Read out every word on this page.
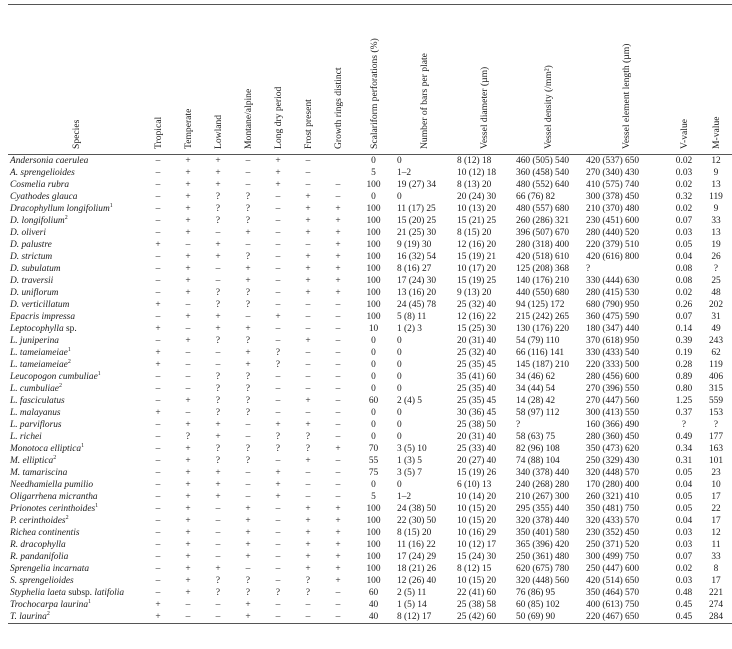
Species	Tropical	Temperate	Lowland	Montane/alpine	Long dry period	Frost present	Growth rings distinct	Scalariform perforations (%)	Number of bars per plate	Vessel diameter (µm)	Vessel density (/mm²)	Vessel element length (µm)	V-value	M-value

Andersonia caerulea	–	+	+	–	+	–		0	0	8 (12) 18	460 (505) 540	420 (537) 650	0.02	12
A. sprengelioides	–	+	+	–	+	–		5	1–2	10 (12) 18	360 (458) 540	270 (340) 430	0.03	9
Cosmelia rubra	–	+	+	–	+	–	–	100	19 (27) 34	8 (13) 20	480 (552) 640	410 (575) 740	0.02	13
Cyathodes glauca	–	+	?	?	–	+	–	0	0	20 (24) 30	66 (76) 82	300 (378) 450	0.32	119
Dracophyllum longifolium$^1$	–	+	?	?	–	+	+	100	11 (17) 25	10 (13) 20	480 (557) 680	210 (370) 480	0.02	9
D. longifolium$^2$	–	+	?	?	–	+	+	100	15 (20) 25	15 (21) 25	260 (286) 321	230 (451) 600	0.07	33
D. oliveri	–	+	–	+	–	+	+	100	21 (25) 30	8 (15) 20	396 (507) 670	280 (440) 520	0.03	13
D. palustre	+	–	+	–	–	–	+	100	9 (19) 30	12 (16) 20	280 (318) 400	220 (379) 510	0.05	19
D. strictum	–	+	+	?	–	+	+	100	16 (32) 54	15 (19) 21	420 (518) 610	420 (616) 800	0.04	26
D. subulatum	–	+	–	+	–	+	+	100	8 (16) 27	10 (17) 20	125 (208) 368	?	0.08	?
D. traversii	–	+	–	+	–	+	+	100	17 (24) 30	15 (19) 25	140 (176) 210	330 (444) 630	0.08	25
D. uniflorum	–	+	?	?	–	+	+	100	13 (16) 20	9 (13) 20	440 (550) 680	280 (415) 530	0.02	48
D. verticillatum	+	–	?	?	–	–	–	100	24 (45) 78	25 (32) 40	94 (125) 172	680 (790) 950	0.26	202
Epacris impressa	–	+	+	–	+	–	–	100	5 (8) 11	12 (16) 22	215 (242) 265	360 (475) 590	0.07	31
Leptocophylla sp.	+	–	+	+	–	–	–	10	1 (2) 3	15 (25) 30	130 (176) 220	180 (347) 440	0.14	49
L. juniperina	–	+	?	?	–	+	–	0	0	20 (31) 40	54 (79) 110	370 (618) 950	0.39	243
L. tameiameiae$^1$	+	–	–	+	?	–	–	0	0	25 (32) 40	66 (116) 141	330 (433) 540	0.19	62
L. tameiameiae$^2$	+	–	–	+	?	–	–	0	0	25 (35) 45	145 (187) 210	220 (333) 500	0.28	119
Leucopogon cumbuliae$^1$	–	–	?	?	–	–	–	0	0	35 (41) 60	34 (46) 62	280 (456) 600	0.89	406
L. cumbuliae$^2$	–	–	?	?	–	–	–	0	0	25 (35) 40	34 (44) 54	270 (396) 550	0.80	315
L. fasciculatus	–	+	?	?	–	+	–	60	2 (4) 5	25 (35) 45	14 (28) 42	270 (447) 560	1.25	559
L. malayanus	+	–	?	?	–	–	–	0	0	30 (36) 45	58 (97) 112	300 (413) 550	0.37	153
L. parviflorus	–	+	+	–	+	+	–	0	0	25 (38) 50	?	160 (366) 490	?	?
L. richei	–	?	+	–	?	?	–	0	0	20 (31) 40	58 (63) 75	280 (360) 450	0.49	177
Monotoca elliptica$^1$	–	+	?	?	?	?	+	70	3 (5) 10	25 (33) 40	82 (96) 108	350 (473) 620	0.34	163
M. elliptica$^2$	–	+	?	?	–	+	–	55	1 (3) 5	20 (27) 40	74 (88) 104	250 (329) 430	0.31	101
M. tamariscina	–	+	+	–	+	–	–	75	3 (5) 7	15 (19) 26	340 (378) 440	320 (448) 570	0.05	23
Needhamiella pumilio	–	+	+	–	+	–	–	0	0	6 (10) 13	240 (268) 280	170 (280) 400	0.04	10
Oligarrhena micrantha	–	+	+	–	+	–	–	5	1–2	10 (14) 20	210 (267) 300	260 (321) 410	0.05	17
Prionotes cerinthoides$^1$	–	+	–	+	–	+	+	100	24 (38) 50	10 (15) 20	295 (355) 440	350 (481) 750	0.05	22
P. cerinthoides$^2$	–	+	–	+	–	+	+	100	22 (30) 50	10 (15) 20	320 (378) 440	320 (433) 570	0.04	17
Richea continentis	–	+	–	+	–	+	+	100	8 (15) 20	10 (16) 29	350 (401) 580	230 (352) 450	0.03	12
R. dracophylla	–	+	–	+	–	+	+	100	11 (16) 22	10 (12) 17	365 (396) 420	250 (371) 520	0.03	11
R. pandanifolia	–	+	–	+	–	+	+	100	17 (24) 29	15 (24) 30	250 (361) 480	300 (499) 750	0.07	33
Sprengelia incarnata	–	+	+	–	–	+	+	100	18 (21) 26	8 (12) 15	620 (675) 780	250 (447) 600	0.02	8
S. sprengelioides	–	+	?	?	–	?	+	100	12 (26) 40	10 (15) 20	320 (448) 560	420 (514) 650	0.03	17
Styphelia laeta subsp. latifolia	–	+	?	?	?	?	–	60	2 (5) 11	22 (41) 60	76 (86) 95	350 (464) 570	0.48	221
Trochocarpa laurina$^1$	+	–	–	+	–	–	–	40	1 (5) 14	25 (38) 58	60 (85) 102	400 (613) 750	0.45	274
T. laurina$^2$	+	–	–	+	–	–	–	40	8 (12) 17	25 (42) 60	50 (69) 90	220 (467) 650	0.45	284
